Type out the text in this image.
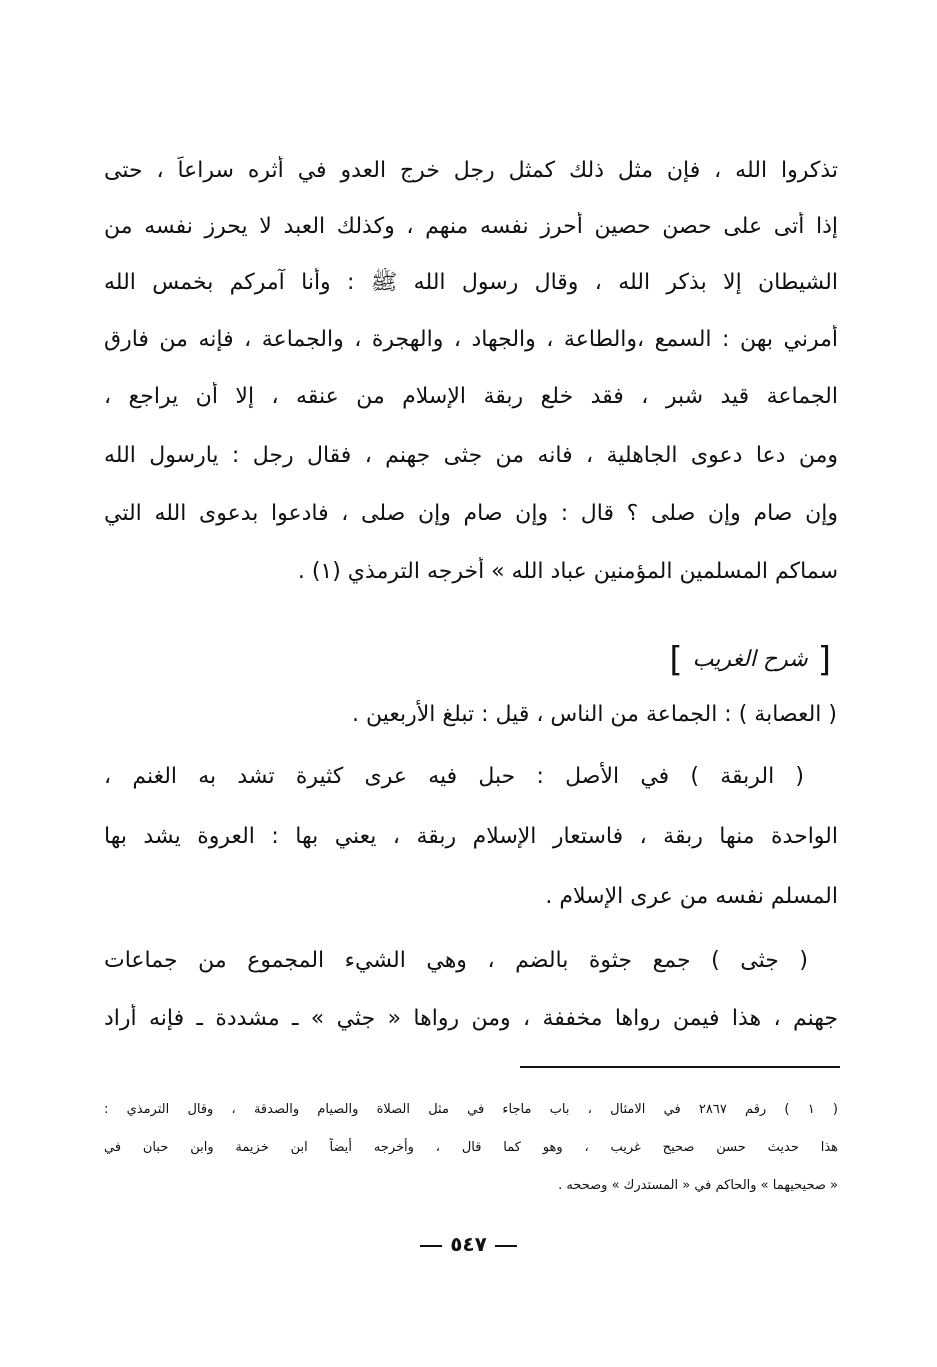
تذكروا الله ، فإن مثل ذلك كمثل رجل خرج العدو في أثره سراعاً ، حتى
إذا أتى على حصن حصين أحرز نفسه منهم ، وكذلك العبد لا يحرز نفسه من
الشيطان إلا بذكر الله ، وقال رسول الله ﷺ : وأنا آمركم بخمس الله
أمرني بهن : السمع ،والطاعة ، والجهاد ، والهجرة ، والجماعة ، فإنه من فارق
الجماعة قيد شبر ، فقد خلع ربقة الإسلام من عنقه ، إلا أن يراجع ،
ومن دعا دعوى الجاهلية ، فانه من جثى جهنم ، فقال رجل : يارسول الله
وإن صام وإن صلى ؟ قال : وإن صام وإن صلى ، فادعوا بدعوى الله التي
سماكم المسلمين المؤمنين عباد الله » أخرجه الترمذي (١) .
[شرح الغريب]
( العصابة ) : الجماعة من الناس ، قيل : تبلغ الأربعين .
( الربقة ) في الأصل : حبل فيه عرى كثيرة تشد به الغنم ،
الواحدة منها ربقة ، فاستعار الإسلام ربقة ، يعني بها : العروة يشد بها
المسلم نفسه من عرى الإسلام .
( جثى ) جمع جثوة بالضم ، وهي الشيء المجموع من جماعات
جهنم ، هذا فيمن رواها مخففة ، ومن رواها « جثي » ـ مشددة ـ فإنه أراد
( ١ ) رقم ٢٨٦٧ في الامثال ، باب ماجاء في مثل الصلاة والصيام والصدقة ، وقال الترمذي :
هذا حديث حسن صحيح غريب ، وهو كما قال ، وأخرجه أيضاً ابن خزيمة وابن حبان في
« صحيحيهما » والحاكم في « المستدرك » وصححه .
٥٤٧
